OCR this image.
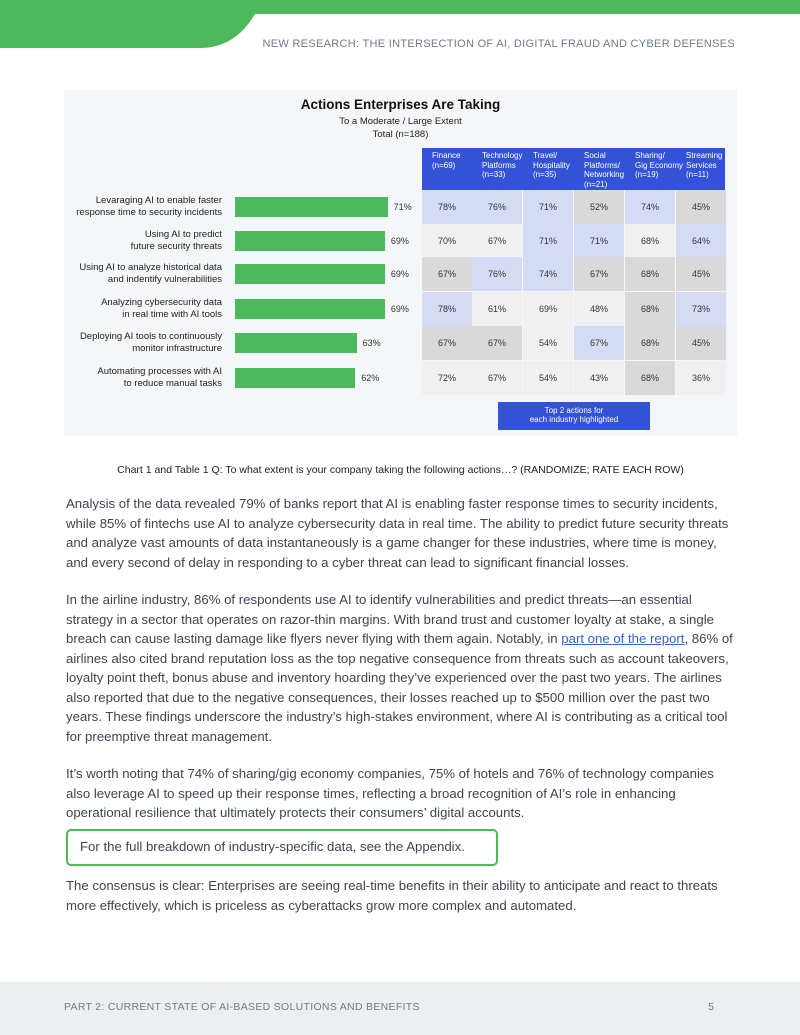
NEW RESEARCH: THE INTERSECTION OF AI, DIGITAL FRAUD AND CYBER DEFENSES
Actions Enterprises Are Taking
To a Moderate / Large Extent
Total (n=188)
Finance
(n=69)
Technology
Platforms
(n=33)
Travel/
Hospitality
(n=35)
Social
Platforms/
Networking
(n=21)
Sharing/
Gig Economy
(n=19)
Streaming
Services
(n=11)
Levaraging AI to enable faster
response time to security incidents	71%	78%	76%	71%	52%	74%	45%
Using AI to predict
future security threats	69%	70%	67%	71%	71%	68%	64%
Using AI to analyze historical data
and indentify vulnerabilities	69%	67%	76%	74%	67%	68%	45%
Analyzing cybersecurity data
in real time with AI tools	69%	78%	61%	69%	48%	68%	73%
Deploying AI tools to continuously
monitor infrastructure	63%	67%	67%	54%	67%	68%	45%
Automating processes with AI
to reduce manual tasks	62%	72%	67%	54%	43%	68%	36%
Top 2 actions for
each industry highlighted
Chart 1 and Table 1 Q: To what extent is your company taking the following actions…? (RANDOMIZE; RATE EACH ROW)

Analysis of the data revealed 79% of banks report that AI is enabling faster response times to security incidents, while 85% of fintechs use AI to analyze cybersecurity data in real time. The ability to predict future security threats and analyze vast amounts of data instantaneously is a game changer for these industries, where time is money, and every second of delay in responding to a cyber threat can lead to significant financial losses.

In the airline industry, 86% of respondents use AI to identify vulnerabilities and predict threats—an essential strategy in a sector that operates on razor-thin margins. With brand trust and customer loyalty at stake, a single breach can cause lasting damage like flyers never flying with them again. Notably, in part one of the report, 86% of airlines also cited brand reputation loss as the top negative consequence from threats such as account takeovers, loyalty point theft, bonus abuse and inventory hoarding they’ve experienced over the past two years. The airlines also reported that due to the negative consequences, their losses reached up to $500 million over the past two years. These findings underscore the industry’s high-stakes environment, where AI is contributing as a critical tool for preemptive threat management.

It’s worth noting that 74% of sharing/gig economy companies, 75% of hotels and 76% of technology companies also leverage AI to speed up their response times, reflecting a broad recognition of AI’s role in enhancing operational resilience that ultimately protects their consumers’ digital accounts.

For the full breakdown of industry-specific data, see the Appendix.

The consensus is clear: Enterprises are seeing real-time benefits in their ability to anticipate and react to threats more effectively, which is priceless as cyberattacks grow more complex and automated.

PART 2: CURRENT STATE OF AI-BASED SOLUTIONS AND BENEFITS	5
